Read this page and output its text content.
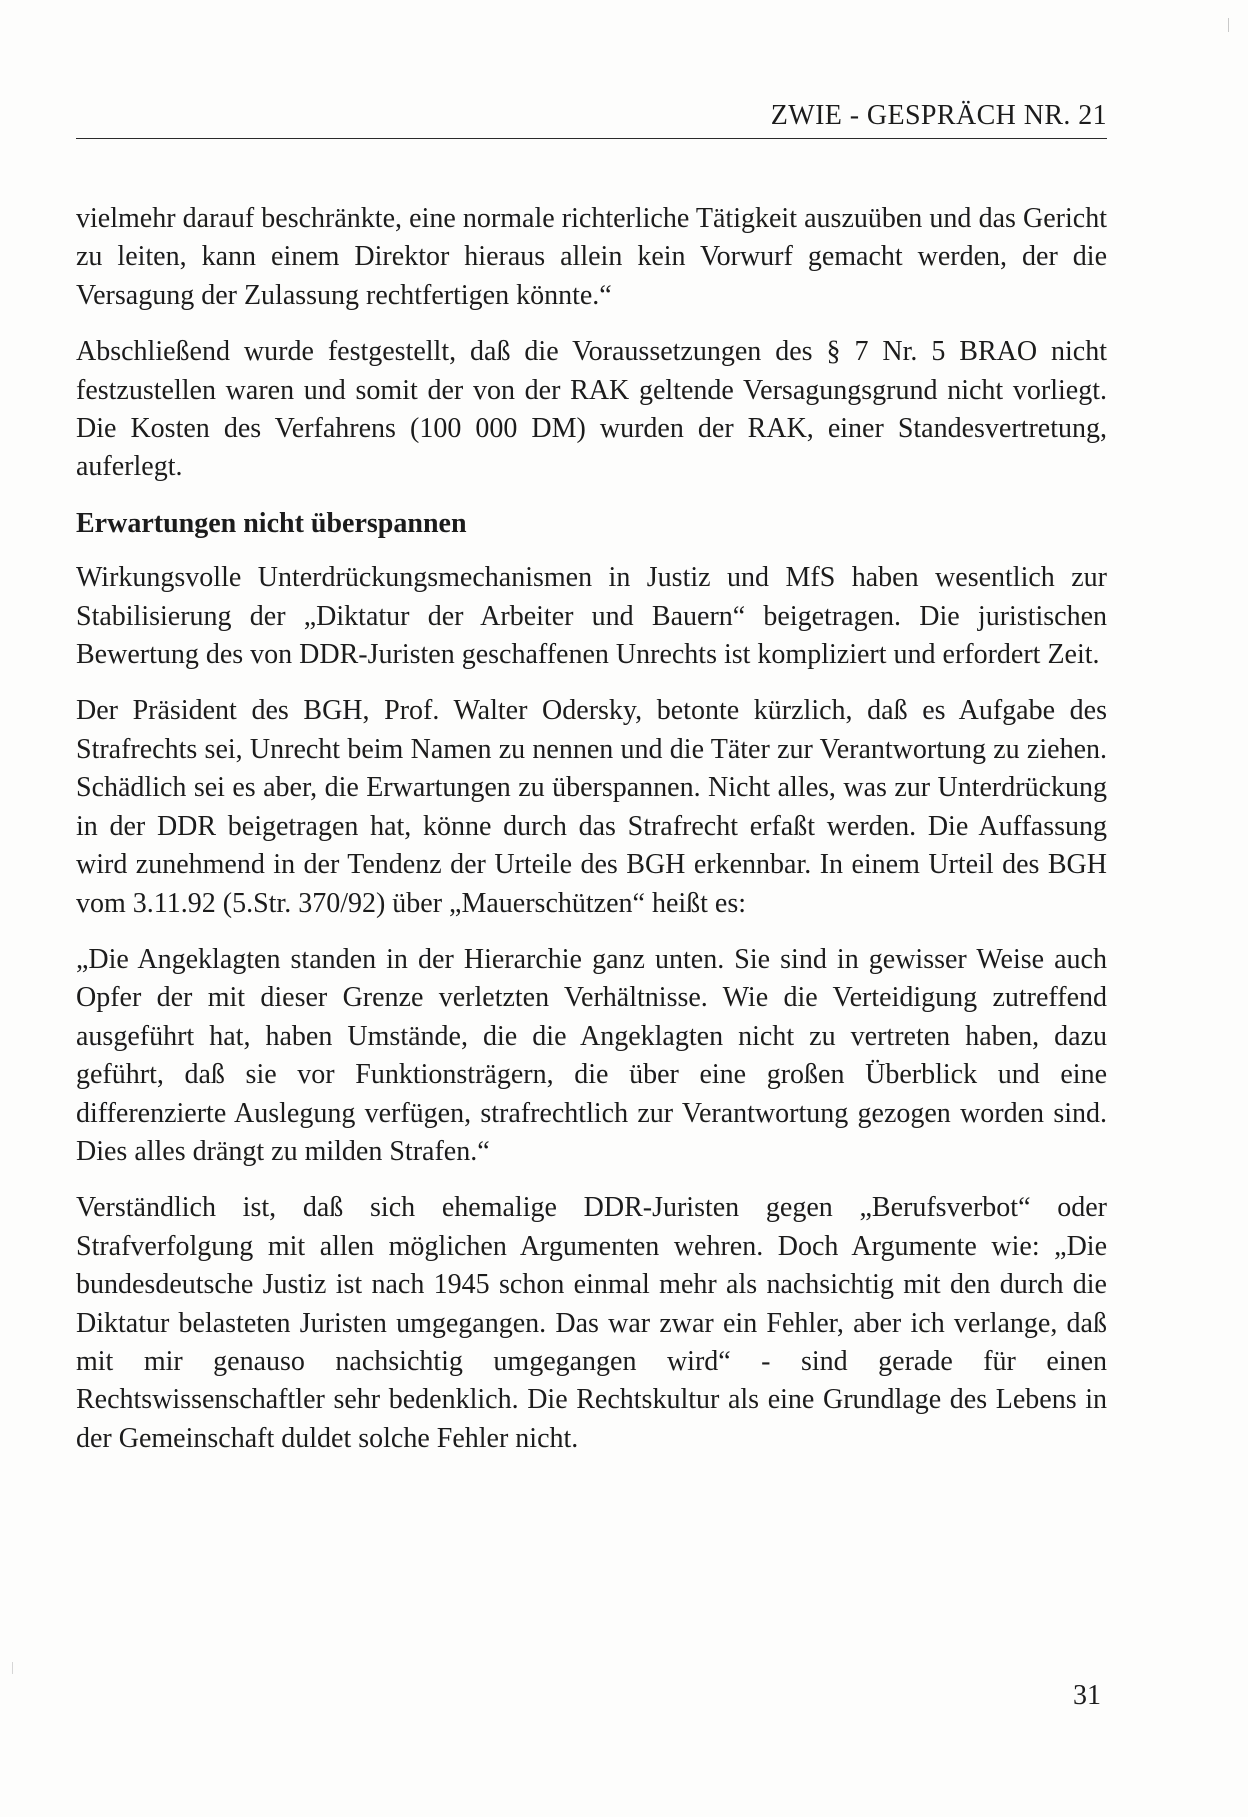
ZWIE - GESPRÄCH NR. 21

vielmehr darauf beschränkte, eine normale richterliche Tätigkeit auszuüben und das Gericht zu leiten, kann einem Direktor hieraus allein kein Vorwurf gemacht werden, der die Versagung der Zulassung rechtfertigen könnte.“

Abschließend wurde festgestellt, daß die Voraussetzungen des § 7 Nr. 5 BRAO nicht festzustellen waren und somit der von der RAK geltende Versagungsgrund nicht vorliegt. Die Kosten des Verfahrens (100 000 DM) wurden der RAK, einer Standesvertretung, auferlegt.

Erwartungen nicht überspannen

Wirkungsvolle Unterdrückungsmechanismen in Justiz und MfS haben wesentlich zur Stabilisierung der „Diktatur der Arbeiter und Bauern“ beigetragen. Die juristischen Bewertung des von DDR-Juristen geschaffenen Unrechts ist kompliziert und erfordert Zeit.

Der Präsident des BGH, Prof. Walter Odersky, betonte kürzlich, daß es Aufgabe des Strafrechts sei, Unrecht beim Namen zu nennen und die Täter zur Verantwortung zu ziehen. Schädlich sei es aber, die Erwartungen zu überspannen. Nicht alles, was zur Unterdrückung in der DDR beigetragen hat, könne durch das Strafrecht erfaßt werden. Die Auffassung wird zunehmend in der Tendenz der Urteile des BGH erkennbar. In einem Urteil des BGH vom 3.11.92 (5.Str. 370/92) über „Mauerschützen“ heißt es:

„Die Angeklagten standen in der Hierarchie ganz unten. Sie sind in gewisser Weise auch Opfer der mit dieser Grenze verletzten Verhältnisse. Wie die Verteidigung zutreffend ausgeführt hat, haben Umstände, die die Angeklagten nicht zu vertreten haben, dazu geführt, daß sie vor Funktionsträgern, die über eine großen Überblick und eine differenzierte Auslegung verfügen, strafrechtlich zur Verantwortung gezogen worden sind. Dies alles drängt zu milden Strafen.“

Verständlich ist, daß sich ehemalige DDR-Juristen gegen „Berufsverbot“ oder Strafverfolgung mit allen möglichen Argumenten wehren. Doch Argumente wie: „Die bundesdeutsche Justiz ist nach 1945 schon einmal mehr als nachsichtig mit den durch die Diktatur belasteten Juristen umgegangen. Das war zwar ein Fehler, aber ich verlange, daß mit mir genauso nachsichtig umgegangen wird“ - sind gerade für einen Rechtswissenschaftler sehr bedenklich. Die Rechtskultur als eine Grundlage des Lebens in der Gemeinschaft duldet solche Fehler nicht.

31
